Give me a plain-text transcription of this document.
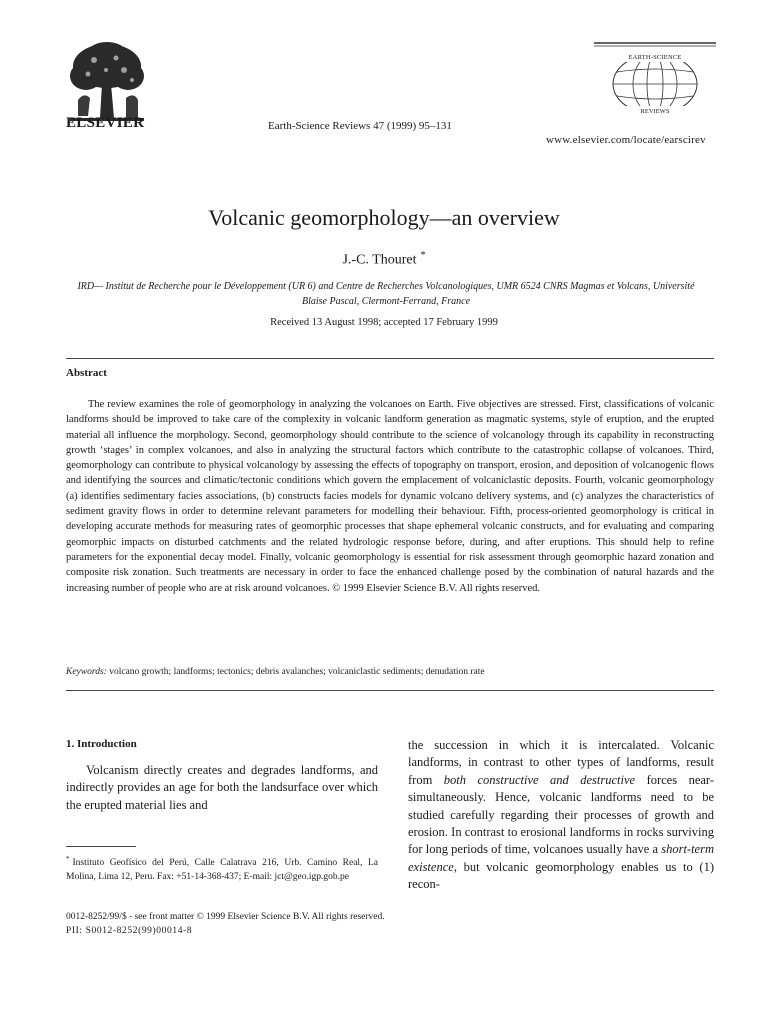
ELSEVIER	Earth-Science Reviews 47 (1999) 95–131
EARTH-SCIENCE
REVIEWS
www.elsevier.com/locate/earscirev
Volcanic geomorphology—an overview
J.-C. Thouret *
IRD— Institut de Recherche pour le Développement (UR 6) and Centre de Recherches Volcanologiques, UMR 6524 CNRS Magmas et Volcans, Université Blaise Pascal, Clermont-Ferrand, France
Received 13 August 1998; accepted 17 February 1999
Abstract
The review examines the role of geomorphology in analyzing the volcanoes on Earth. Five objectives are stressed. First, classifications of volcanic landforms should be improved to take care of the complexity in volcanic landform generation as magmatic systems, style of eruption, and the erupted material all influence the morphology. Second, geomorphology should contribute to the science of volcanology through its capability in reconstructing growth ‘stages’ in complex volcanoes, and also in analyzing the structural factors which contribute to the catastrophic collapse of volcanoes. Third, geomorphology can contribute to physical volcanology by assessing the effects of topography on transport, erosion, and deposition of volcanogenic flows and identifying the sources and climatic/tectonic conditions which govern the emplacement of volcaniclastic deposits. Fourth, volcanic geomorphology (a) identifies sedimentary facies associations, (b) constructs facies models for dynamic volcano delivery systems, and (c) analyzes the characteristics of sediment gravity flows in order to determine relevant parameters for modelling their behaviour. Fifth, process-oriented geomorphology is critical in developing accurate methods for measuring rates of geomorphic processes that shape ephemeral volcanic constructs, and for evaluating and comparing geomorphic impacts on disturbed catchments and the related hydrologic response before, during, and after eruptions. This should help to refine parameters for the exponential decay model. Finally, volcanic geomorphology is essential for risk assessment through geomorphic hazard zonation and composite risk zonation. Such treatments are necessary in order to face the enhanced challenge posed by the combination of natural hazards and the increasing number of people who are at risk around volcanoes. © 1999 Elsevier Science B.V. All rights reserved.
Keywords: volcano growth; landforms; tectonics; debris avalanches; volcaniclastic sediments; denudation rate
1. Introduction

Volcanism directly creates and degrades landforms, and indirectly provides an age for both the landsurface over which the erupted material lies and

* Instituto Geofísico del Perú, Calle Calatrava 216, Urb. Camino Real, La Molina, Lima 12, Peru. Fax: +51-14-368-437; E-mail: jct@geo.igp.gob.pe

the succession in which it is intercalated. Volcanic landforms, in contrast to other types of landforms, result from both constructive and destructive forces near-simultaneously. Hence, volcanic landforms need to be studied carefully regarding their processes of growth and erosion. In contrast to erosional landforms in rocks surviving for long periods of time, volcanoes usually have a short-term existence, but volcanic geomorphology enables us to (1) recon-

0012-8252/99/$ - see front matter © 1999 Elsevier Science B.V. All rights reserved.
PII: S0012-8252(99)00014-8
